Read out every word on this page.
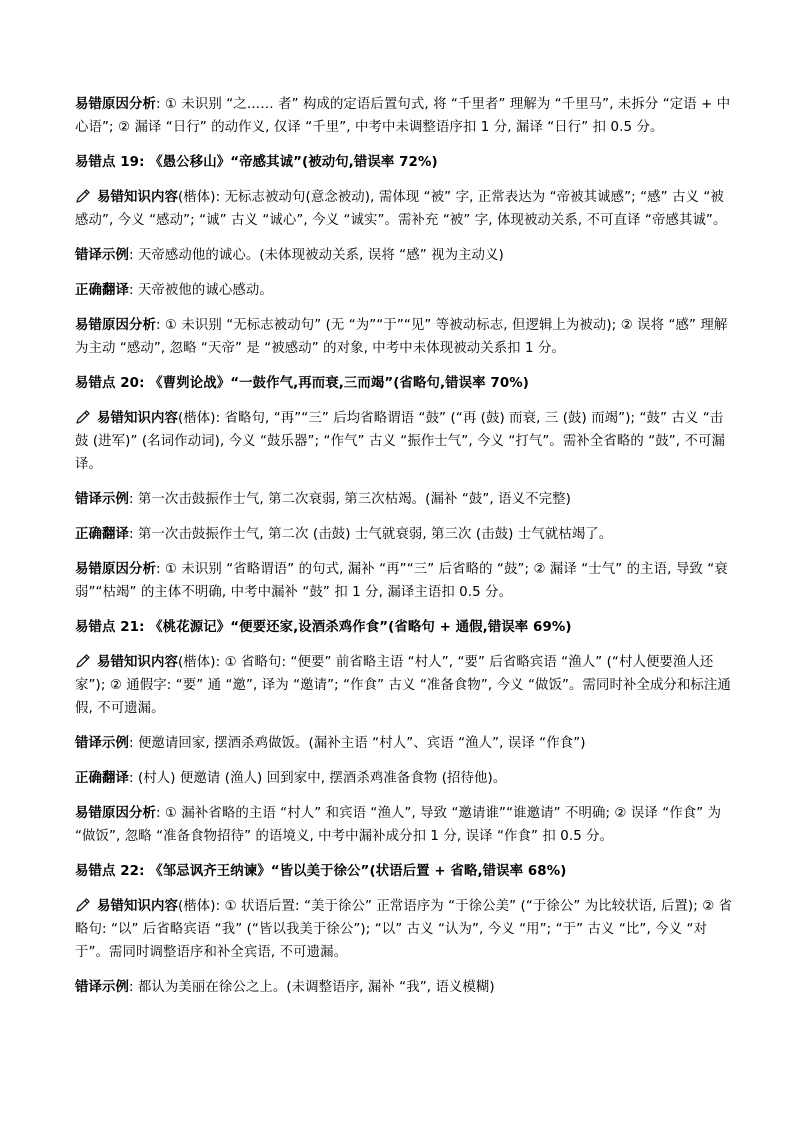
易错原因分析: ① 未识别 “之…… 者” 构成的定语后置句式, 将 “千里者” 理解为 “千里马”, 未拆分 “定语 + 中心语”; ② 漏译 “日行” 的动作义, 仅译 “千里”, 中考中未调整语序扣 1 分, 漏译 “日行” 扣 0.5 分。

易错点 19: 《愚公移山》“帝感其诚”(被动句,错误率 72%)

易错知识内容(楷体): 无标志被动句(意念被动), 需体现 “被” 字, 正常表达为 “帝被其诚感”; “感” 古义 “被感动”, 今义 “感动”; “诚” 古义 “诚心”, 今义 “诚实”。需补充 “被” 字, 体现被动关系, 不可直译 “帝感其诚”。

错译示例: 天帝感动他的诚心。(未体现被动关系, 误将 “感” 视为主动义)

正确翻译: 天帝被他的诚心感动。

易错原因分析: ① 未识别 “无标志被动句” (无 “为”“于”“见” 等被动标志, 但逻辑上为被动); ② 误将 “感” 理解为主动 “感动”, 忽略 “天帝” 是 “被感动” 的对象, 中考中未体现被动关系扣 1 分。

易错点 20: 《曹刿论战》“一鼓作气,再而衰,三而竭”(省略句,错误率 70%)

易错知识内容(楷体): 省略句, “再”“三” 后均省略谓语 “鼓” (“再 (鼓) 而衰, 三 (鼓) 而竭”); “鼓” 古义 “击鼓 (进军)” (名词作动词), 今义 “鼓乐器”; “作气” 古义 “振作士气”, 今义 “打气”。需补全省略的 “鼓”, 不可漏译。

错译示例: 第一次击鼓振作士气, 第二次衰弱, 第三次枯竭。(漏补 “鼓”, 语义不完整)

正确翻译: 第一次击鼓振作士气, 第二次 (击鼓) 士气就衰弱, 第三次 (击鼓) 士气就枯竭了。

易错原因分析: ① 未识别 “省略谓语” 的句式, 漏补 “再”“三” 后省略的 “鼓”; ② 漏译 “士气” 的主语, 导致 “衰弱”“枯竭” 的主体不明确, 中考中漏补 “鼓” 扣 1 分, 漏译主语扣 0.5 分。

易错点 21: 《桃花源记》“便要还家,设酒杀鸡作食”(省略句 + 通假,错误率 69%)

易错知识内容(楷体): ① 省略句: “便要” 前省略主语 “村人”, “要” 后省略宾语 “渔人” (“村人便要渔人还家”); ② 通假字: “要” 通 “邀”, 译为 “邀请”; “作食” 古义 “准备食物”, 今义 “做饭”。需同时补全成分和标注通假, 不可遗漏。

错译示例: 便邀请回家, 摆酒杀鸡做饭。(漏补主语 “村人”、宾语 “渔人”, 误译 “作食”)

正确翻译: (村人) 便邀请 (渔人) 回到家中, 摆酒杀鸡准备食物 (招待他)。

易错原因分析: ① 漏补省略的主语 “村人” 和宾语 “渔人”, 导致 “邀请谁”“谁邀请” 不明确; ② 误译 “作食” 为 “做饭”, 忽略 “准备食物招待” 的语境义, 中考中漏补成分扣 1 分, 误译 “作食” 扣 0.5 分。

易错点 22: 《邹忌讽齐王纳谏》“皆以美于徐公”(状语后置 + 省略,错误率 68%)

易错知识内容(楷体): ① 状语后置: “美于徐公” 正常语序为 “于徐公美” (“于徐公” 为比较状语, 后置); ② 省略句: “以” 后省略宾语 “我” (“皆以我美于徐公”); “以” 古义 “认为”, 今义 “用”; “于” 古义 “比”, 今义 “对于”。需同时调整语序和补全宾语, 不可遗漏。

错译示例: 都认为美丽在徐公之上。(未调整语序, 漏补 “我”, 语义模糊)
